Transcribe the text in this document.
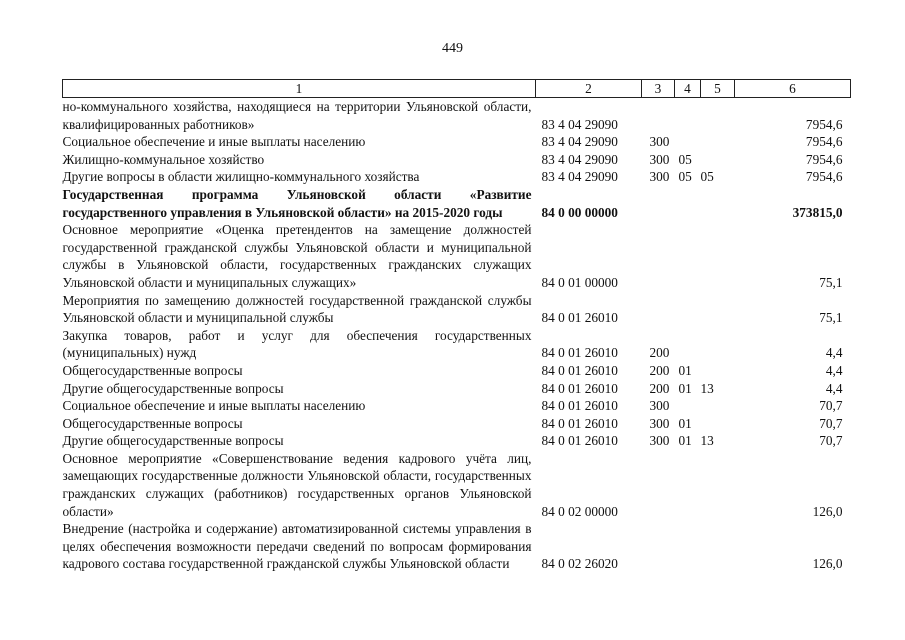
449
1	2	3	4	5	6
но-коммунального хозяйства, находящиеся на территории Ульяновской области, квалифицированных работников»	83 4 04 29090				7954,6
Социальное обеспечение и иные выплаты населению	83 4 04 29090	300			7954,6
Жилищно-коммунальное хозяйство	83 4 04 29090	300	05		7954,6
Другие вопросы в области жилищно-коммунального хозяйства	83 4 04 29090	300	05	05	7954,6
Государственная программа Ульяновской области «Развитие государственного управления в Ульяновской области» на 2015-2020 годы	84 0 00 00000				373815,0
Основное мероприятие «Оценка претендентов на замещение должностей государственной гражданской службы Ульяновской области и муниципальной службы в Ульяновской области, государственных гражданских служащих Ульяновской области и муниципальных служащих»	84 0 01 00000				75,1
Мероприятия по замещению должностей государственной гражданской службы Ульяновской области и муниципальной службы	84 0 01 26010				75,1
Закупка товаров, работ и услуг для обеспечения государственных (муниципальных) нужд	84 0 01 26010	200			4,4
Общегосударственные вопросы	84 0 01 26010	200	01		4,4
Другие общегосударственные вопросы	84 0 01 26010	200	01	13	4,4
Социальное обеспечение и иные выплаты населению	84 0 01 26010	300			70,7
Общегосударственные вопросы	84 0 01 26010	300	01		70,7
Другие общегосударственные вопросы	84 0 01 26010	300	01	13	70,7
Основное мероприятие «Совершенствование ведения кадрового учёта лиц, замещающих государственные должности Ульяновской области, государственных гражданских служащих (работников) государственных органов Ульяновской области»	84 0 02 00000				126,0
Внедрение (настройка и содержание) автоматизированной системы управления в целях обеспечения возможности передачи сведений по вопросам формирования кадрового состава государственной гражданской службы Ульяновской области	84 0 02 26020				126,0
